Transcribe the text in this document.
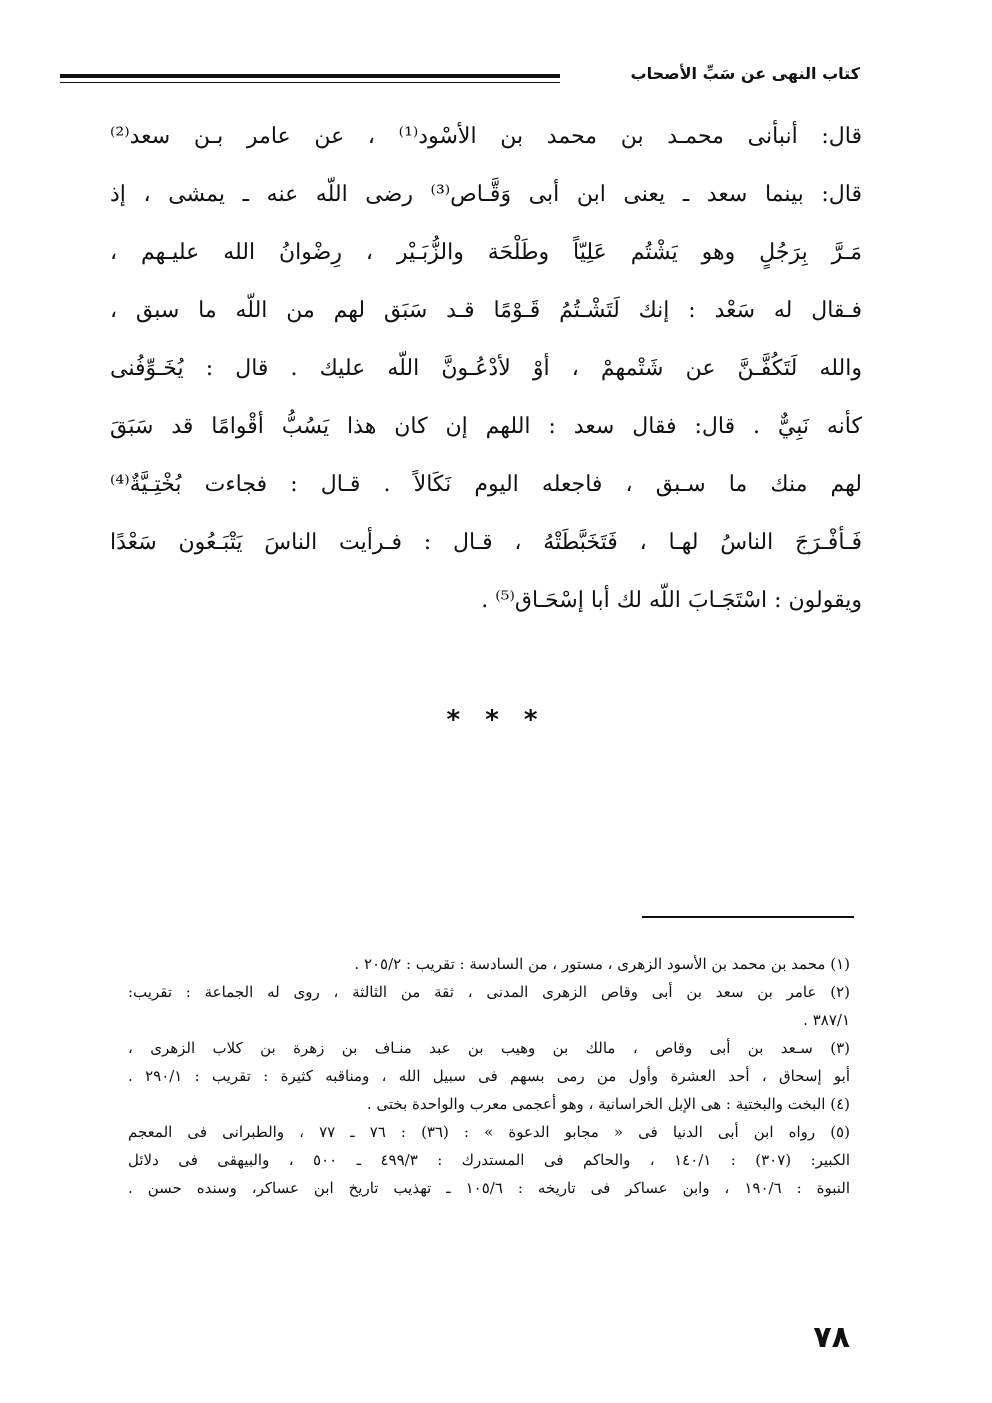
كتاب النهى عن سَبِّ الأصحاب
قال: أنبأنى محمـد بن محمد بن الأسْود⁽¹⁾ ، عن عامر بـن سعد⁽²⁾
قال: بينما سعد ـ يعنى ابن أبى وَقَّـاص⁽³⁾ رضى اللّه عنه ـ يمشى ، إذ
مَـرَّ بِرَجُلٍ وهو يَشْتُم عَلِيّاً وطَلْحَة والزُّبَـيْر ، رِضْوانُ الله عليـهم ،
فـقال له سَعْد : إنك لَتَشْـتُمُ قَـوْمًا قـد سَبَق لهم من اللّه ما سبق ،
والله لَتَكُفَّـنَّ عن شَتْمهمْ ، أوْ لأدْعُـونَّ اللّه عليك . قال : يُخَـوِّفُنى
كأنه نَبِيٌّ . قال: فقال سعد : اللهم إن كان هذا يَسُبُّ أقْوامًا قد سَبَقَ
لهم منك ما سـبق ، فاجعله اليوم نَكَالاً . قـال : فجاءت بُخْتِـيَّةٌ⁽⁴⁾
فَـأفْـرَجَ الناسُ لهـا ، فَتَخَبَّطَتْهُ ، قـال : فـرأيت الناسَ يَتْبَـعُون سَعْدًا
ويقولون : اسْتَجَـابَ اللّه لك أبا إسْحَـاق⁽⁵⁾ .
* * *
(١) محمد بن محمد بن الأسود الزهرى ، مستور ، من السادسة : تقريب : ٢٠٥/٢ .
(٢) عامر بن سعد بن أبى وقاص الزهرى المدنى ، ثقة من الثالثة ، روى له الجماعة : تقريب:
٣٨٧/١ .
(٣) سـعد بن أبى وقاص ، مالك بن وهيب بن عبد منـاف بن زهرة بن كلاب الزهرى ،
أبو إسحاق ، أحد العشرة وأول من رمى بسهم فى سبيل الله ، ومناقبه كثيرة : تقريب : ٢٩٠/١ .
(٤) البخت والبختية : هى الإبل الخراسانية ، وهو أعجمى معرب والواحدة بختى .
(٥) رواه ابن أبى الدنيا فى « مجابو الدعوة » : (٣٦) : ٧٦ ـ ٧٧ ، والطبرانى فى المعجم
الكبير: (٣٠٧) : ١٤٠/١ ، والحاكم فى المستدرك : ٤٩٩/٣ ـ ٥٠٠ ، والبيهقى فى دلائل
النبوة : ١٩٠/٦ ، وابن عساكر فى تاريخه : ١٠٥/٦ ـ تهذيب تاريخ ابن عساكر، وسنده حسن .
٧٨
